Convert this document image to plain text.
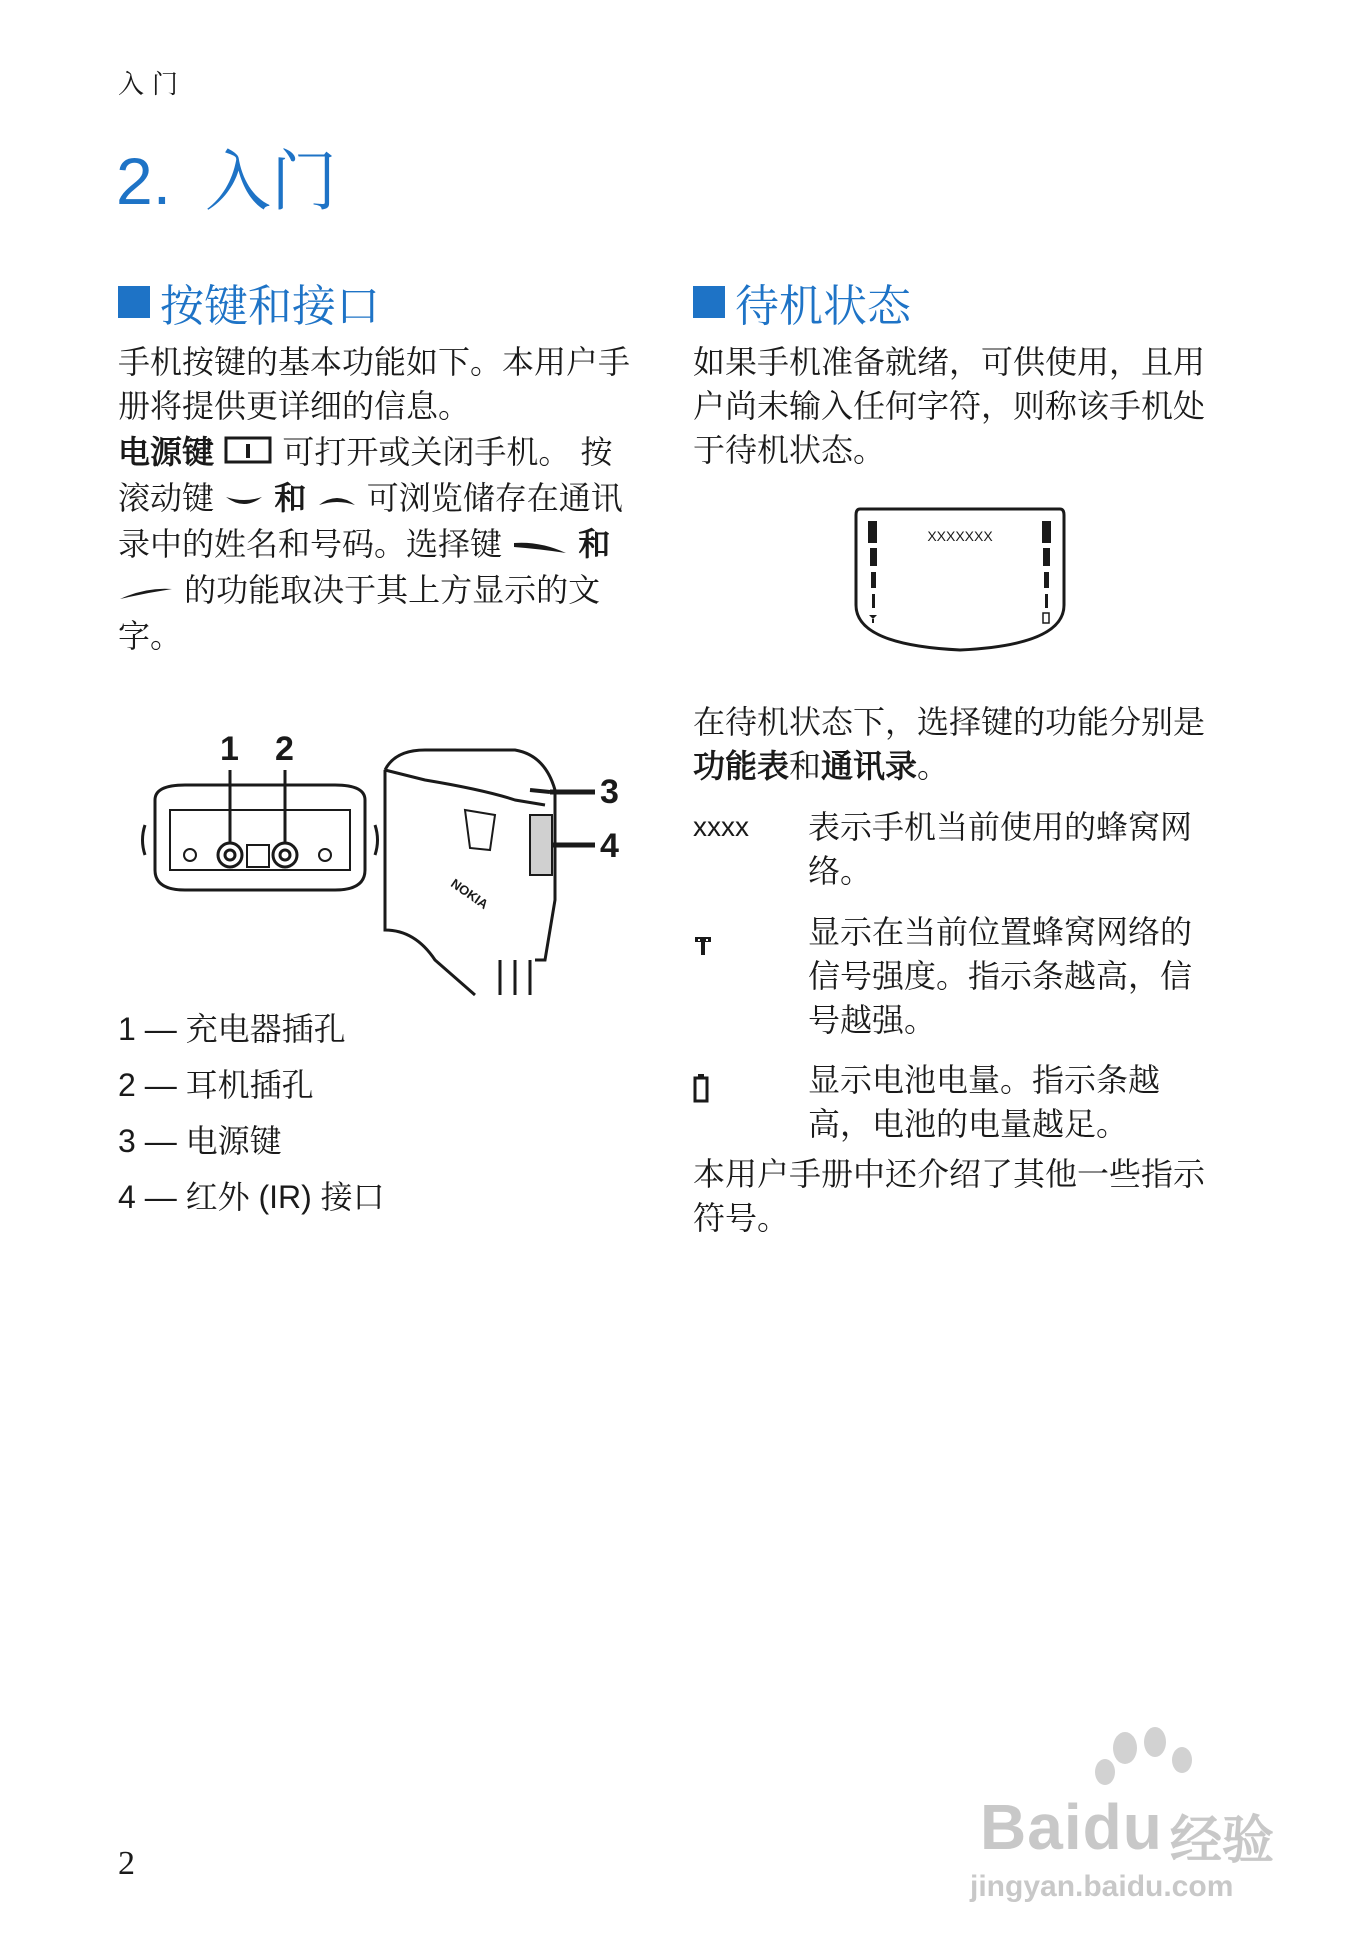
入门
2. 入门
按键和接口
手机按键的基本功能如下。本用户手册将提供更详细的信息。
电源键 可打开或关闭手机。 按滚动键 和 可浏览储存在通讯录中的姓名和号码。选择键 和  的功能取决于其上方显示的文字。
NOKIA
1 2
3
4
1 — 充电器插孔
2 — 耳机插孔
3 — 电源键
4 — 红外 (IR) 接口
待机状态
如果手机准备就绪，可供使用，且用户尚未输入任何字符，则称该手机处于待机状态。
XXXXXXX
在待机状态下，选择键的功能分别是功能表和通讯录。
xxxx	表示手机当前使用的蜂窝网络。
显示在当前位置蜂窝网络的信号强度。指示条越高，信号越强。
显示电池电量。指示条越高，电池的电量越足。
本用户手册中还介绍了其他一些指示符号。
2
Baidu 经验
jingyan.baidu.com
